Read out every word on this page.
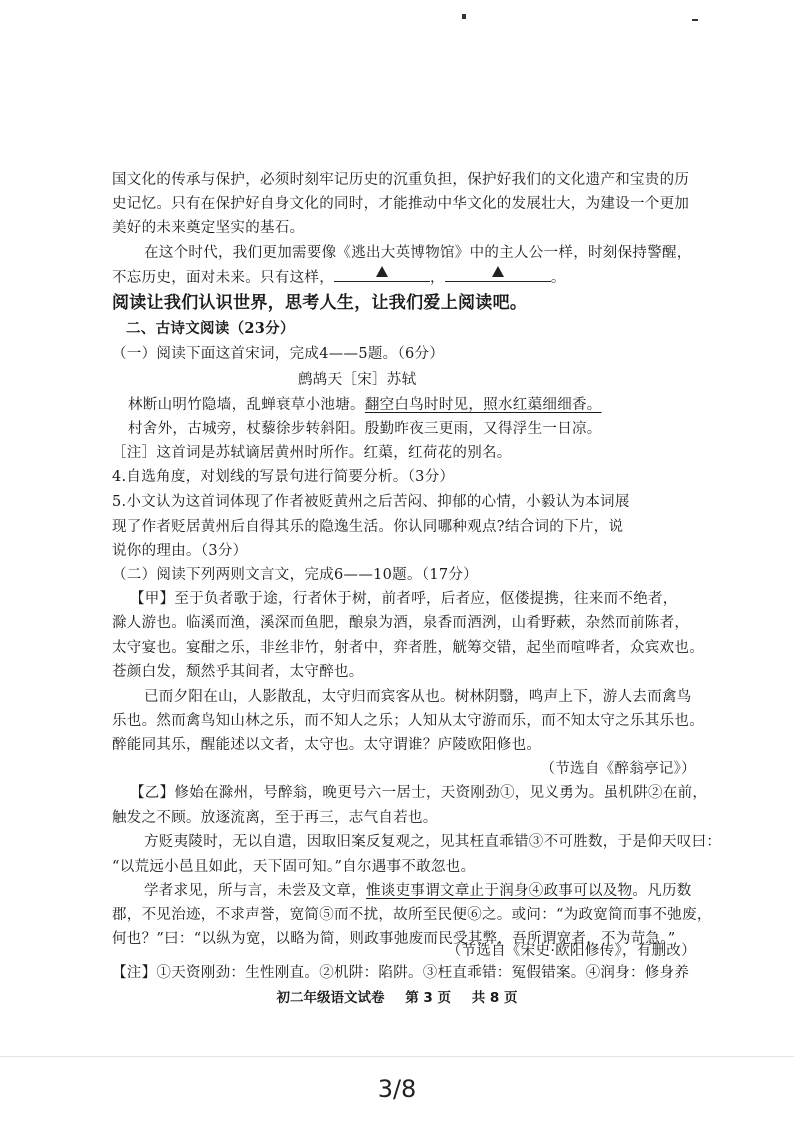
国文化的传承与保护，必须时刻牢记历史的沉重负担，保护好我们的文化遗产和宝贵的历
史记忆。只有在保护好自身文化的同时，才能推动中华文化的发展壮大，为建设一个更加
美好的未来奠定坚实的基石。
在这个时代，我们更加需要像《逃出大英博物馆》中的主人公一样，时刻保持警醒，
不忘历史，面对未来。只有这样，	，	。
阅读让我们认识世界，思考人生，让我们爱上阅读吧。
二、古诗文阅读（23分）
（一）阅读下面这首宋词，完成4——5题。（6分）
鹧鸪天［宋］苏轼
林断山明竹隐墙，乱蝉衰草小池塘。翻空白鸟时时见，照水红蕖细细香。
村舍外，古城旁，杖藜徐步转斜阳。殷勤昨夜三更雨，又得浮生一日凉。
［注］这首词是苏轼谪居黄州时所作。红蕖，红荷花的别名。
4.自选角度，对划线的写景句进行简要分析。（3分）
5.小文认为这首词体现了作者被贬黄州之后苦闷、抑郁的心情，小毅认为本词展
现了作者贬居黄州后自得其乐的隐逸生活。你认同哪种观点?结合词的下片，说
说你的理由。（3分）
（二）阅读下列两则文言文，完成6——10题。（17分）
【甲】至于负者歌于途，行者休于树，前者呼，后者应，伛偻提携，往来而不绝者，
滁人游也。临溪而渔，溪深而鱼肥，酿泉为酒，泉香而酒洌，山肴野蔌，杂然而前陈者，
太守宴也。宴酣之乐，非丝非竹，射者中，弈者胜，觥筹交错，起坐而喧哗者，众宾欢也。
苍颜白发，颓然乎其间者，太守醉也。
已而夕阳在山，人影散乱，太守归而宾客从也。树林阴翳，鸣声上下，游人去而禽鸟
乐也。然而禽鸟知山林之乐，而不知人之乐；人知从太守游而乐，而不知太守之乐其乐也。
醉能同其乐，醒能述以文者，太守也。太守谓谁？庐陵欧阳修也。
（节选自《醉翁亭记》）
【乙】修始在滁州，号醉翁，晚更号六一居士，天资刚劲①，见义勇为。虽机阱②在前，
触发之不顾。放逐流离，至于再三，志气自若也。
方贬夷陵时，无以自遣，因取旧案反复观之，见其枉直乖错③不可胜数，于是仰天叹曰：
“以荒远小邑且如此，天下固可知。”自尔遇事不敢忽也。
学者求见，所与言，未尝及文章，惟谈吏事谓文章止于润身④政事可以及物。凡历数
郡，不见治迹，不求声誉，宽简⑤而不扰，故所至民便⑥之。或问：“为政宽简而事不弛废，
何也？”曰：“以纵为宽，以略为简，则政事弛废而民受其弊，吾所谓宽者，不为苛急。”
（节选自《宋史·欧阳修传》，有删改）
【注】①天资刚劲：生性刚直。②机阱：陷阱。③枉直乖错：冤假错案。④润身：修身养
初二年级语文试卷 第 3 页 共 8 页
3/8
